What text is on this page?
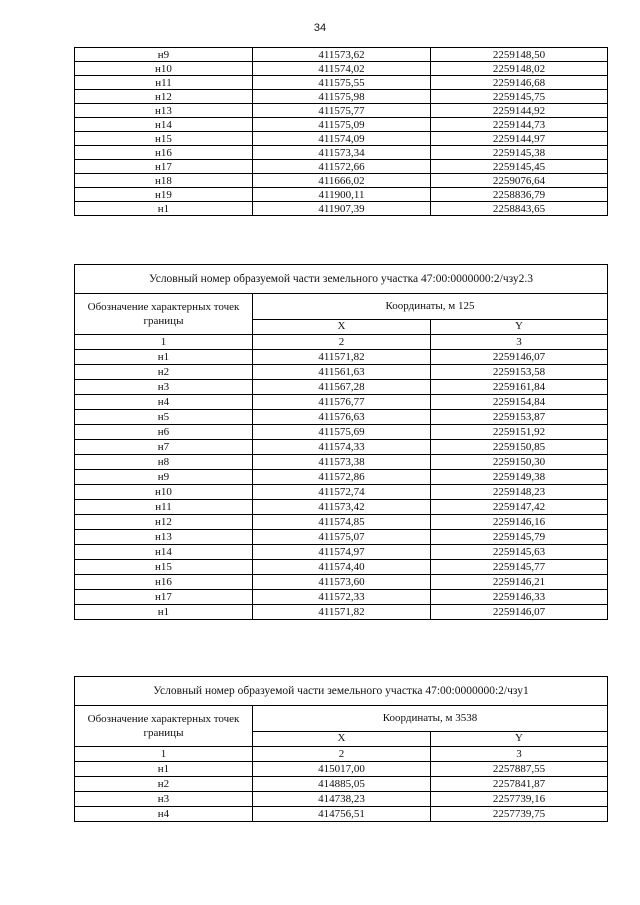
34
н9	411573,62	2259148,50
н10	411574,02	2259148,02
н11	411575,55	2259146,68
н12	411575,98	2259145,75
н13	411575,77	2259144,92
н14	411575,09	2259144,73
н15	411574,09	2259144,97
н16	411573,34	2259145,38
н17	411572,66	2259145,45
н18	411666,02	2259076,64
н19	411900,11	2258836,79
н1	411907,39	2258843,65
Условный номер образуемой части земельного участка 47:00:0000000:2/чзу2.3		
Обозначение характерных точек границы	Координаты, м 125	
	X	Y
1	2	3
н1	411571,82	2259146,07
н2	411561,63	2259153,58
н3	411567,28	2259161,84
н4	411576,77	2259154,84
н5	411576,63	2259153,87
н6	411575,69	2259151,92
н7	411574,33	2259150,85
н8	411573,38	2259150,30
н9	411572,86	2259149,38
н10	411572,74	2259148,23
н11	411573,42	2259147,42
н12	411574,85	2259146,16
н13	411575,07	2259145,79
н14	411574,97	2259145,63
н15	411574,40	2259145,77
н16	411573,60	2259146,21
н17	411572,33	2259146,33
н1	411571,82	2259146,07
Условный номер образуемой части земельного участка 47:00:0000000:2/чзу1		
Обозначение характерных точек границы	Координаты, м 3538	
	X	Y
1	2	3
н1	415017,00	2257887,55
н2	414885,05	2257841,87
н3	414738,23	2257739,16
н4	414756,51	2257739,75
